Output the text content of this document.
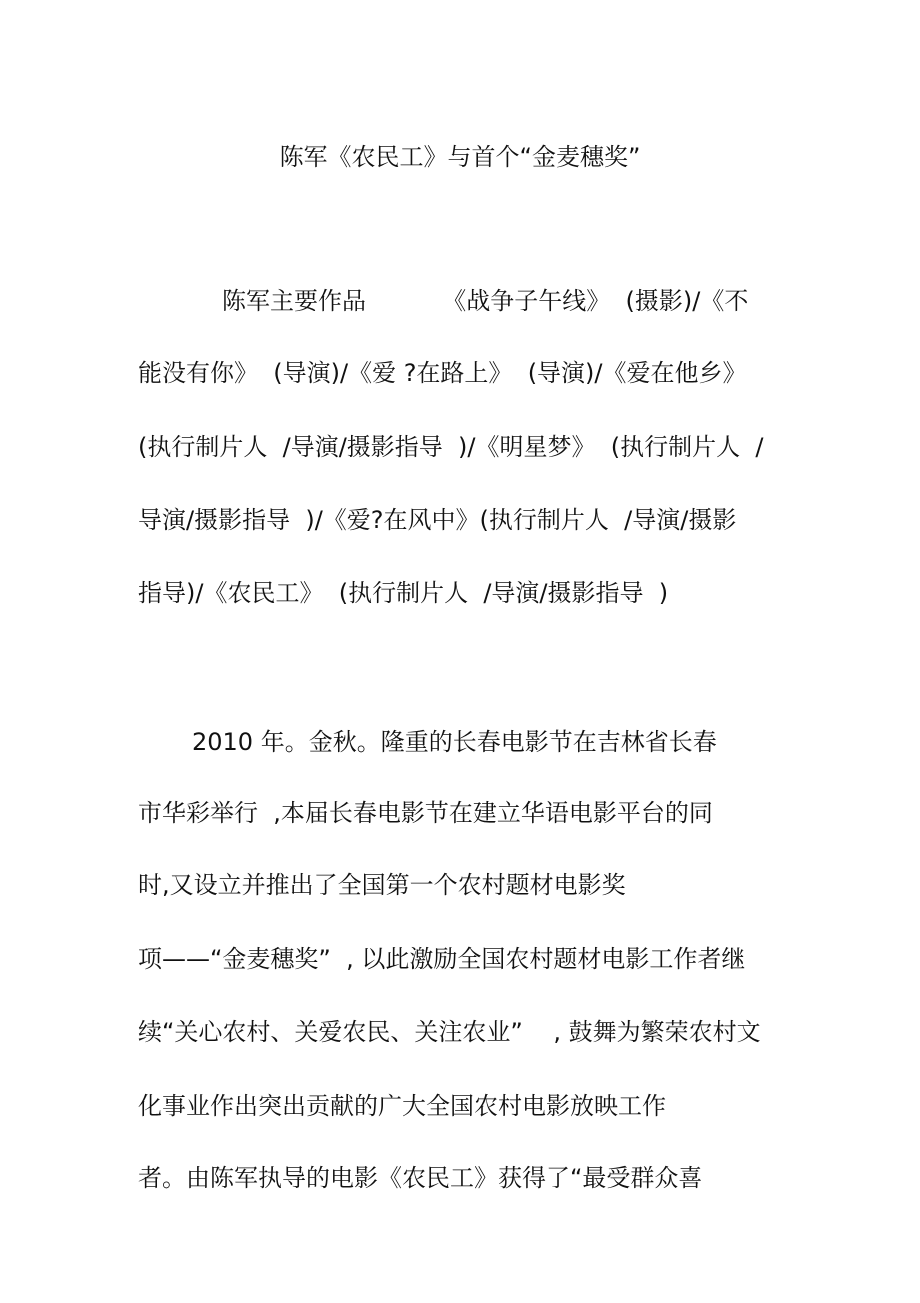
陈军《农民工》与首个“金麦穗奖”
陈军主要作品          《战争子午线》  (摄影)/《不
能没有你》  (导演)/《爱 ?在路上》  (导演)/《爱在他乡》
(执行制片人  /导演/摄影指导  )/《明星梦》  (执行制片人  /
导演/摄影指导  )/《爱?在风中》(执行制片人  /导演/摄影
指导)/《农民工》  (执行制片人  /导演/摄影指导  )
2010 年。金秋。隆重的长春电影节在吉林省长春
市华彩举行  ,本届长春电影节在建立华语电影平台的同
时,又设立并推出了全国第一个农村题材电影奖
项——“金麦穗奖”  , 以此激励全国农村题材电影工作者继
续“关心农村、关爱农民、关注农业”    , 鼓舞为繁荣农村文
化事业作出突出贡献的广大全国农村电影放映工作
者。由陈军执导的电影《农民工》获得了“最受群众喜
